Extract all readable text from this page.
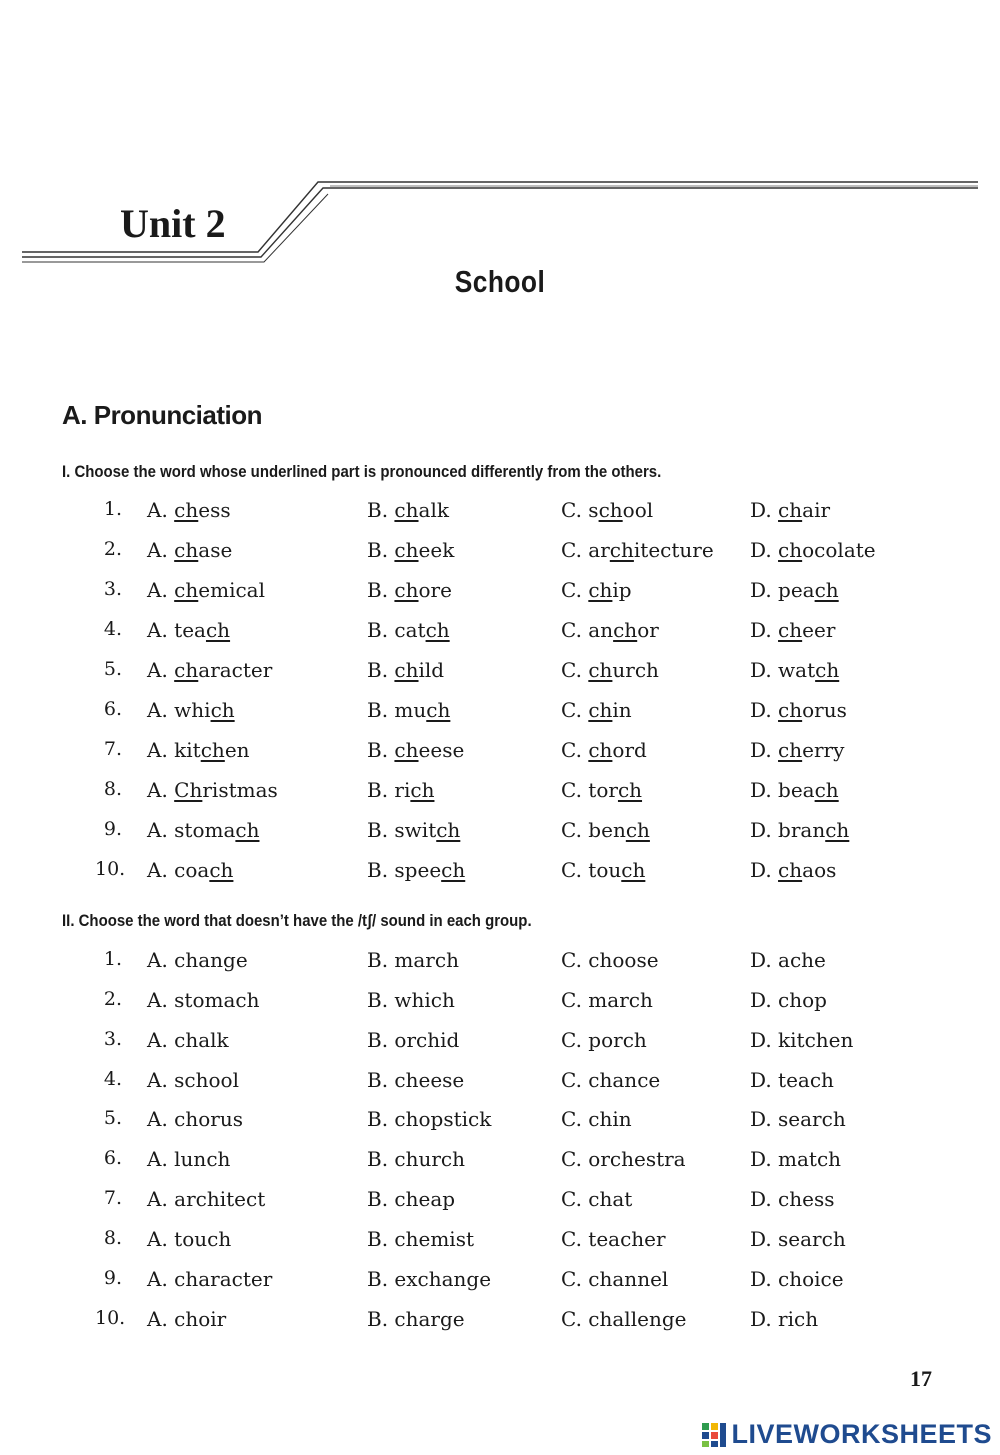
Unit 2
School
A. Pronunciation
I. Choose the word whose underlined part is pronounced differently from the others.
1. A. chess	B. chalk	C. school	D. chair
2. A. chase	B. cheek	C. architecture D. chocolate
3. A. chemical	B. chore	C. chip	D. peach
4. A. teach	B. catch	C. anchor	D. cheer
5. A. character	B. child	C. church	D. watch
6. A. which	B. much	C. chin	D. chorus
7. A. kitchen	B. cheese	C. chord	D. cherry
8. A. Christmas	B. rich	C. torch	D. beach
9. A. stomach	B. switch	C. bench	D. branch
10. A. coach	B. speech	C. touch	D. chaos
II. Choose the word that doesn’t have the /tʃ/ sound in each group.
1. A. change	B. march	C. choose	D. ache
2. A. stomach	B. which	C. march	D. chop
3. A. chalk	B. orchid	C. porch	D. kitchen
4. A. school	B. cheese	C. chance	D. teach
5. A. chorus	B. chopstick	C. chin	D. search
6. A. lunch	B. church	C. orchestra	D. match
7. A. architect	B. cheap	C. chat	D. chess
8. A. touch	B. chemist	C. teacher	D. search
9. A. character	B. exchange	C. channel	D. choice
10. A. choir	B. charge	C. challenge	D. rich
17
LIVEWORKSHEETS
